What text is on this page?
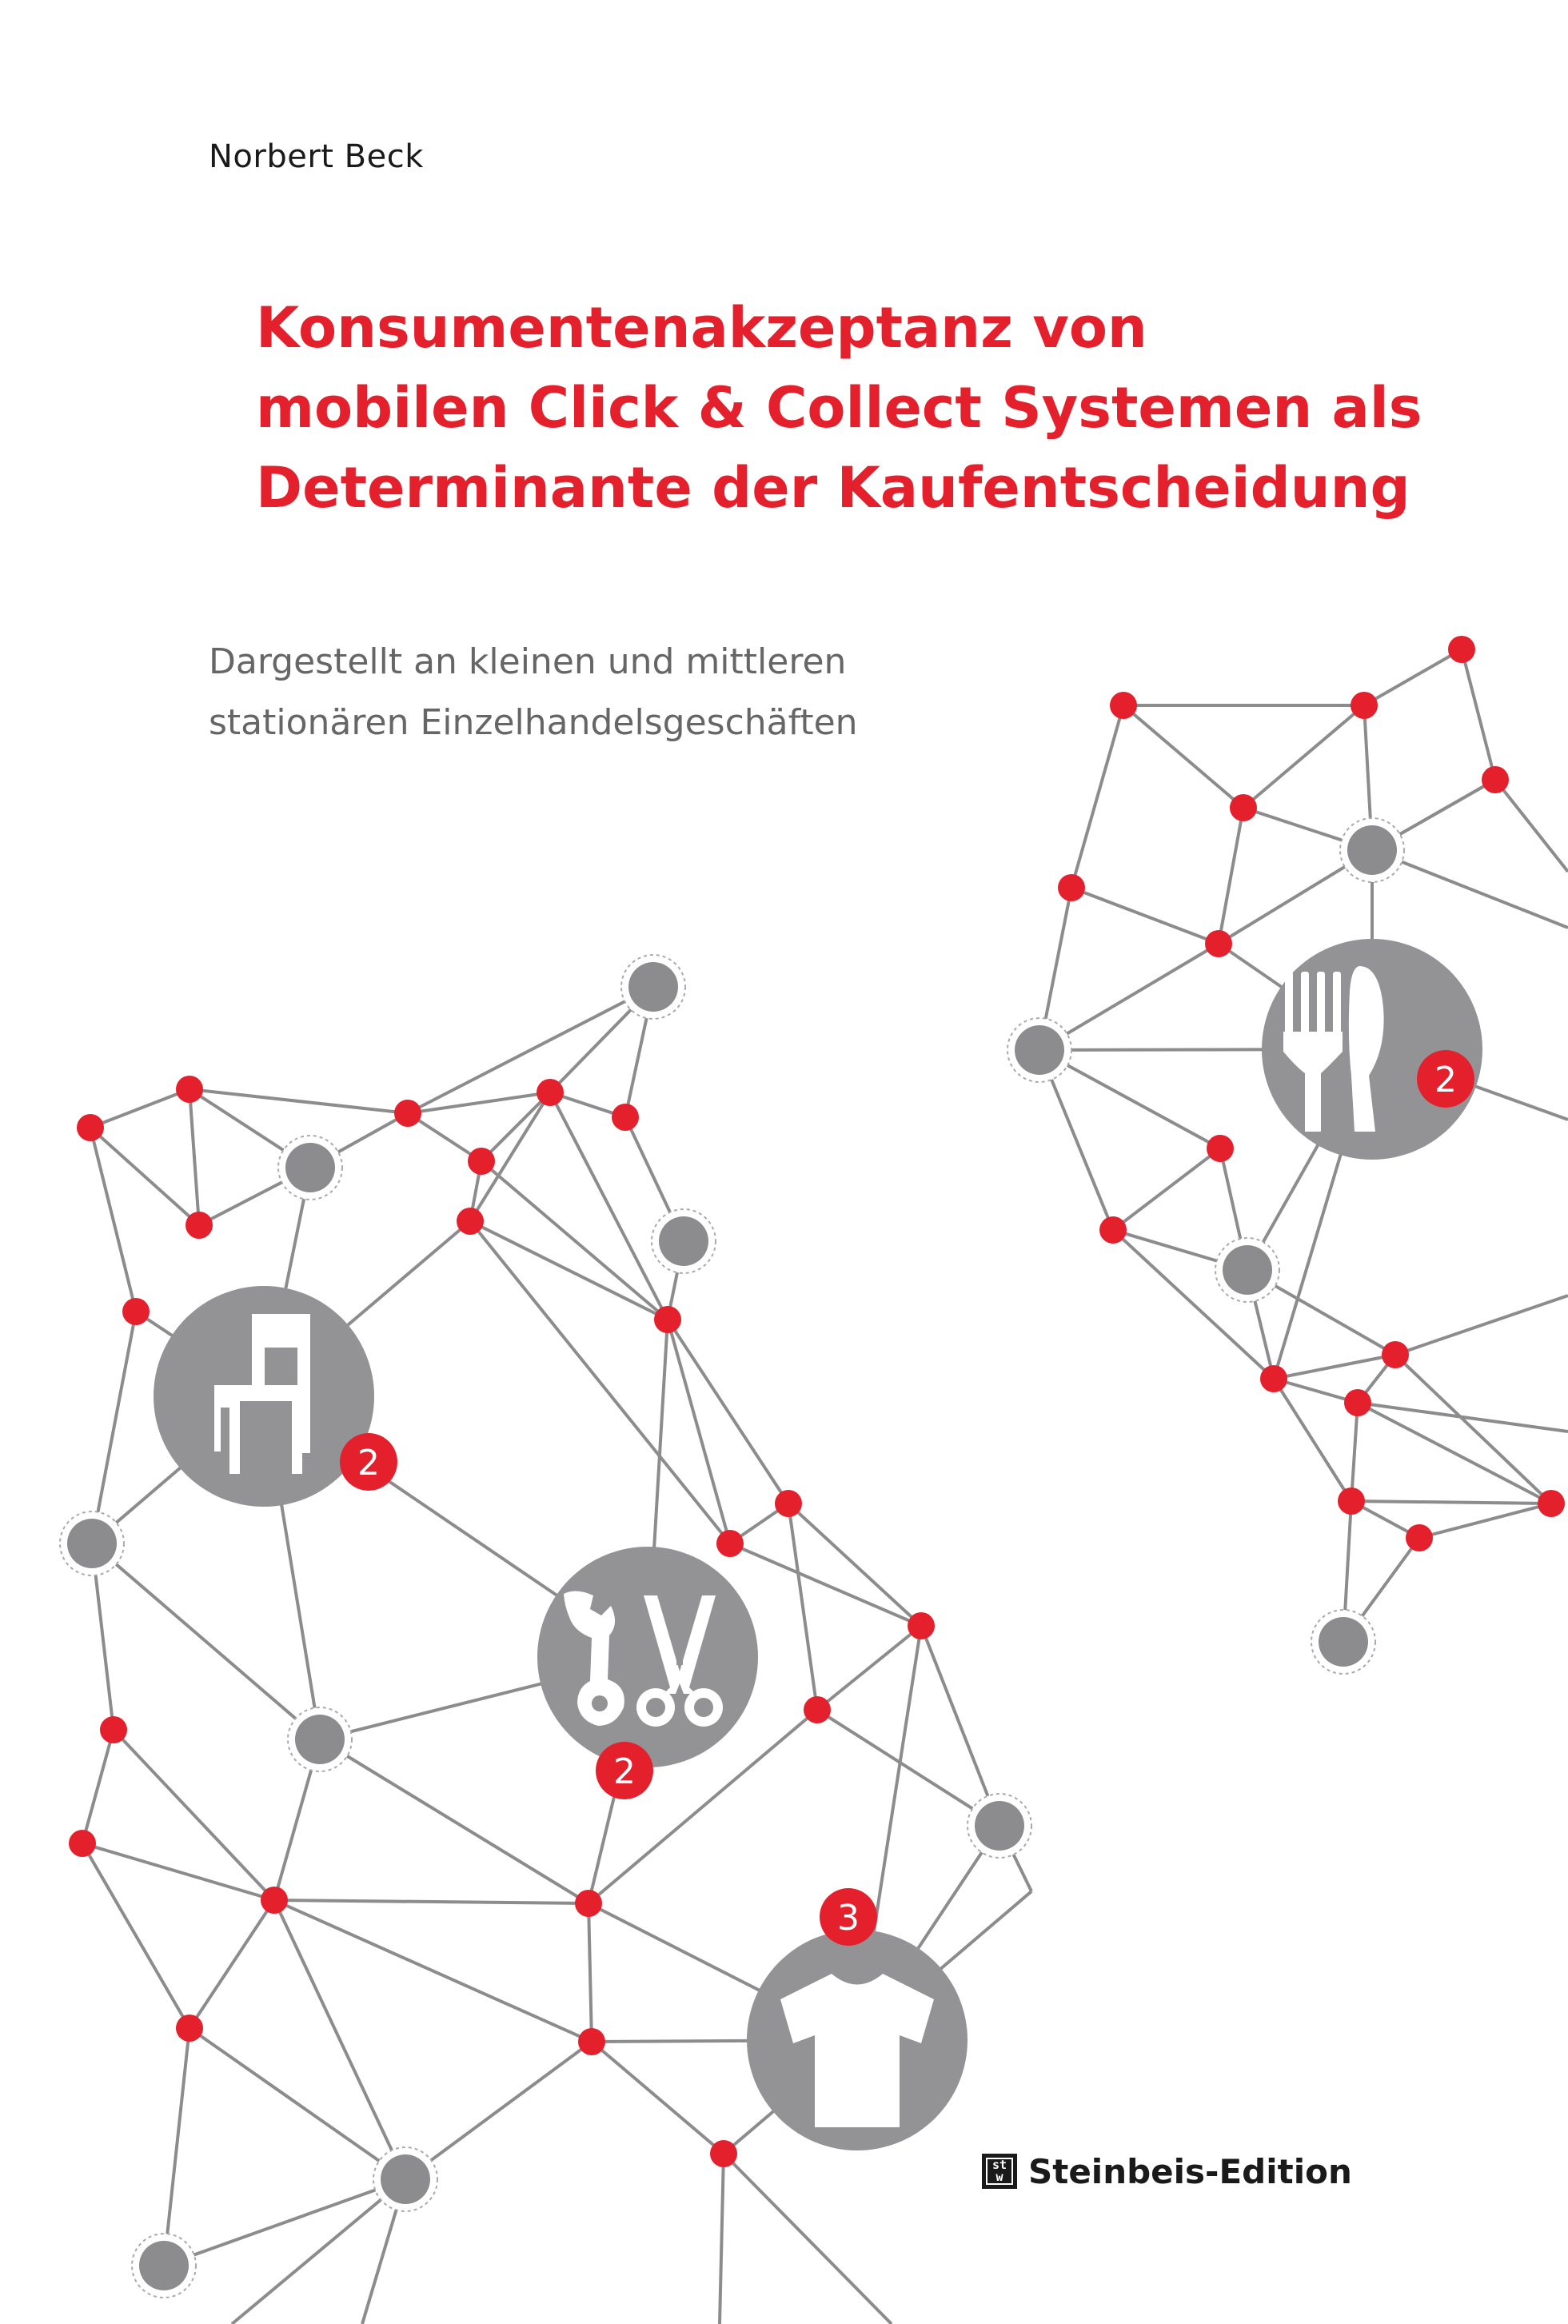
2
2
2
3
Norbert Beck
Konsumentenakzeptanz von
mobilen Click & Collect Systemen als
Determinante der Kaufentscheidung
Dargestellt an kleinen und mittleren
stationären Einzelhandelsgeschäften
st
w Steinbeis-Edition
